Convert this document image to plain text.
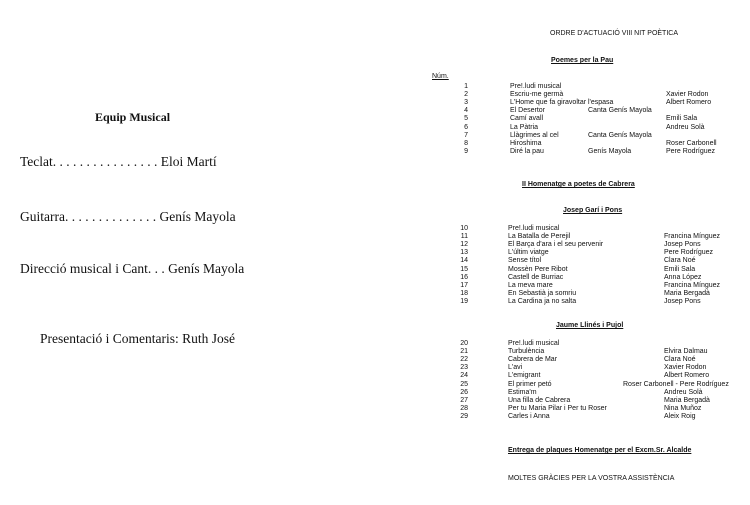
Equip Musical
Teclat. . . . . . . . . . . . . . . . Eloi Martí
Guitarra. . . . . . . . . . . . . . Genís Mayola
Direcció musical i Cant. . . Genís Mayola
Presentació i Comentaris: Ruth José
ORDRE D'ACTUACIÓ VIII NIT POÈTICA
Poemes per la Pau
Núm.
1	Pre!.ludi musical
2	Escriu-me germà	Xavier Rodon
3	L'Home que fa giravoltar l'espasa	Albert Romero
4	El Desertor	Canta Genís Mayola
5	Camí avall	Emili Sala
6	La Pàtria	Andreu Solà
7	Llàgrimes al cel	Canta Genís Mayola
8	Hiroshima	Roser Carbonell
9	Diré la pau	Genís Mayola	Pere Rodríguez
II Homenatge a poetes de Cabrera
Josep Garí i Pons
10	Pre!.ludi musical
11	La Batalla de Perejil	Francina Mínguez
12	El Barça d'ara i el seu pervenir	Josep Pons
13	L'últim viatge	Pere Rodríguez
14	Sense títol	Clara Noé
15	Mossèn Pere Ribot	Emili Sala
16	Castell de Burriac	Anna López
17	La meva mare	Francina Mínguez
18	En Sebastià ja somriu	Maria Bergadà
19	La Cardina ja no salta	Josep Pons
Jaume Llinés i Pujol
20	Pre!.ludi musical
21	Turbulència	Elvira Dalmau
22	Cabrera de Mar	Clara Noé
23	L'avi	Xavier Rodon
24	L'emigrant	Albert Romero
25	El primer petó	Roser Carbonell - Pere Rodríguez
26	Estima'm	Andreu Solà
27	Una filla de Cabrera	Maria Bergadà
28	Per tu Maria Pilar i Per tu Roser	Nina Muñoz
29	Carles i Anna	Aleix Roig
Entrega de plaques Homenatge per el Excm.Sr. Alcalde
MOLTES GRÀCIES PER LA VOSTRA ASSISTÈNCIA
